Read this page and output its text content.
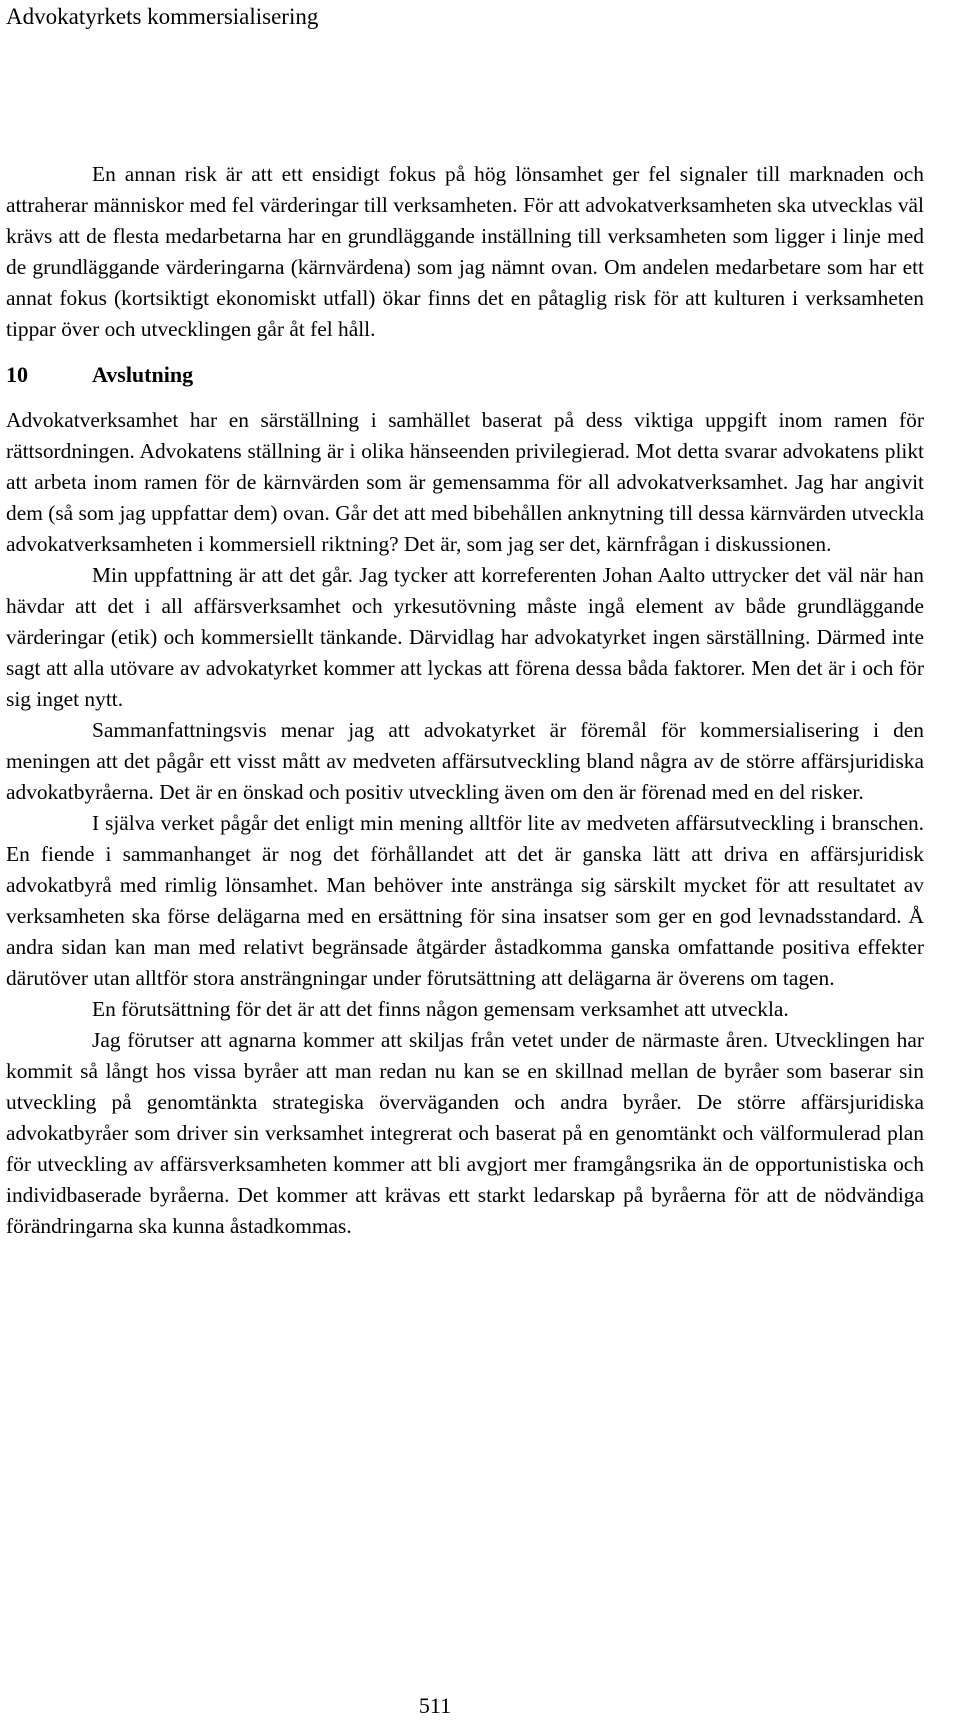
Advokatyrkets kommersialisering

En annan risk är att ett ensidigt fokus på hög lönsamhet ger fel signaler till marknaden och attraherar människor med fel värderingar till verksamheten. För att advokatverksamheten ska utvecklas väl krävs att de flesta medarbetarna har en grundläggande inställning till verksamheten som ligger i linje med de grundläggande värderingarna (kärnvärdena) som jag nämnt ovan. Om andelen medarbetare som har ett annat fokus (kortsiktigt ekonomiskt utfall) ökar finns det en påtaglig risk för att kulturen i verksamheten tippar över och utvecklingen går åt fel håll.

10	Avslutning

Advokatverksamhet har en särställning i samhället baserat på dess viktiga uppgift inom ramen för rättsordningen. Advokatens ställning är i olika hänseenden privilegierad. Mot detta svarar advokatens plikt att arbeta inom ramen för de kärnvärden som är gemensamma för all advokatverksamhet. Jag har angivit dem (så som jag uppfattar dem) ovan. Går det att med bibehållen anknytning till dessa kärnvärden utveckla advokatverksamheten i kommersiell riktning? Det är, som jag ser det, kärnfrågan i diskussionen.

Min uppfattning är att det går. Jag tycker att korreferenten Johan Aalto uttrycker det väl när han hävdar att det i all affärsverksamhet och yrkesutövning måste ingå element av både grundläggande värderingar (etik) och kommersiellt tänkande. Därvidlag har advokatyrket ingen särställning. Därmed inte sagt att alla utövare av advokatyrket kommer att lyckas att förena dessa båda faktorer. Men det är i och för sig inget nytt.

Sammanfattningsvis menar jag att advokatyrket är föremål för kommersialisering i den meningen att det pågår ett visst mått av medveten affärsutveckling bland några av de större affärsjuridiska advokatbyråerna. Det är en önskad och positiv utveckling även om den är förenad med en del risker.

I själva verket pågår det enligt min mening alltför lite av medveten affärsutveckling i branschen. En fiende i sammanhanget är nog det förhållandet att det är ganska lätt att driva en affärsjuridisk advokatbyrå med rimlig lönsamhet. Man behöver inte anstränga sig särskilt mycket för att resultatet av verksamheten ska förse delägarna med en ersättning för sina insatser som ger en god levnadsstandard. Å andra sidan kan man med relativt begränsade åtgärder åstadkomma ganska omfattande positiva effekter därutöver utan alltför stora ansträngningar under förutsättning att delägarna är överens om tagen.

En förutsättning för det är att det finns någon gemensam verksamhet att utveckla.

Jag förutser att agnarna kommer att skiljas från vetet under de närmaste åren. Utvecklingen har kommit så långt hos vissa byråer att man redan nu kan se en skillnad mellan de byråer som baserar sin utveckling på genomtänkta strategiska överväganden och andra byråer. De större affärsjuridiska advokatbyråer som driver sin verksamhet integrerat och baserat på en genomtänkt och välformulerad plan för utveckling av affärsverksamheten kommer att bli avgjort mer framgångsrika än de opportunistiska och individbaserade byråerna. Det kommer att krävas ett starkt ledarskap på byråerna för att de nödvändiga förändringarna ska kunna åstadkommas.

511
